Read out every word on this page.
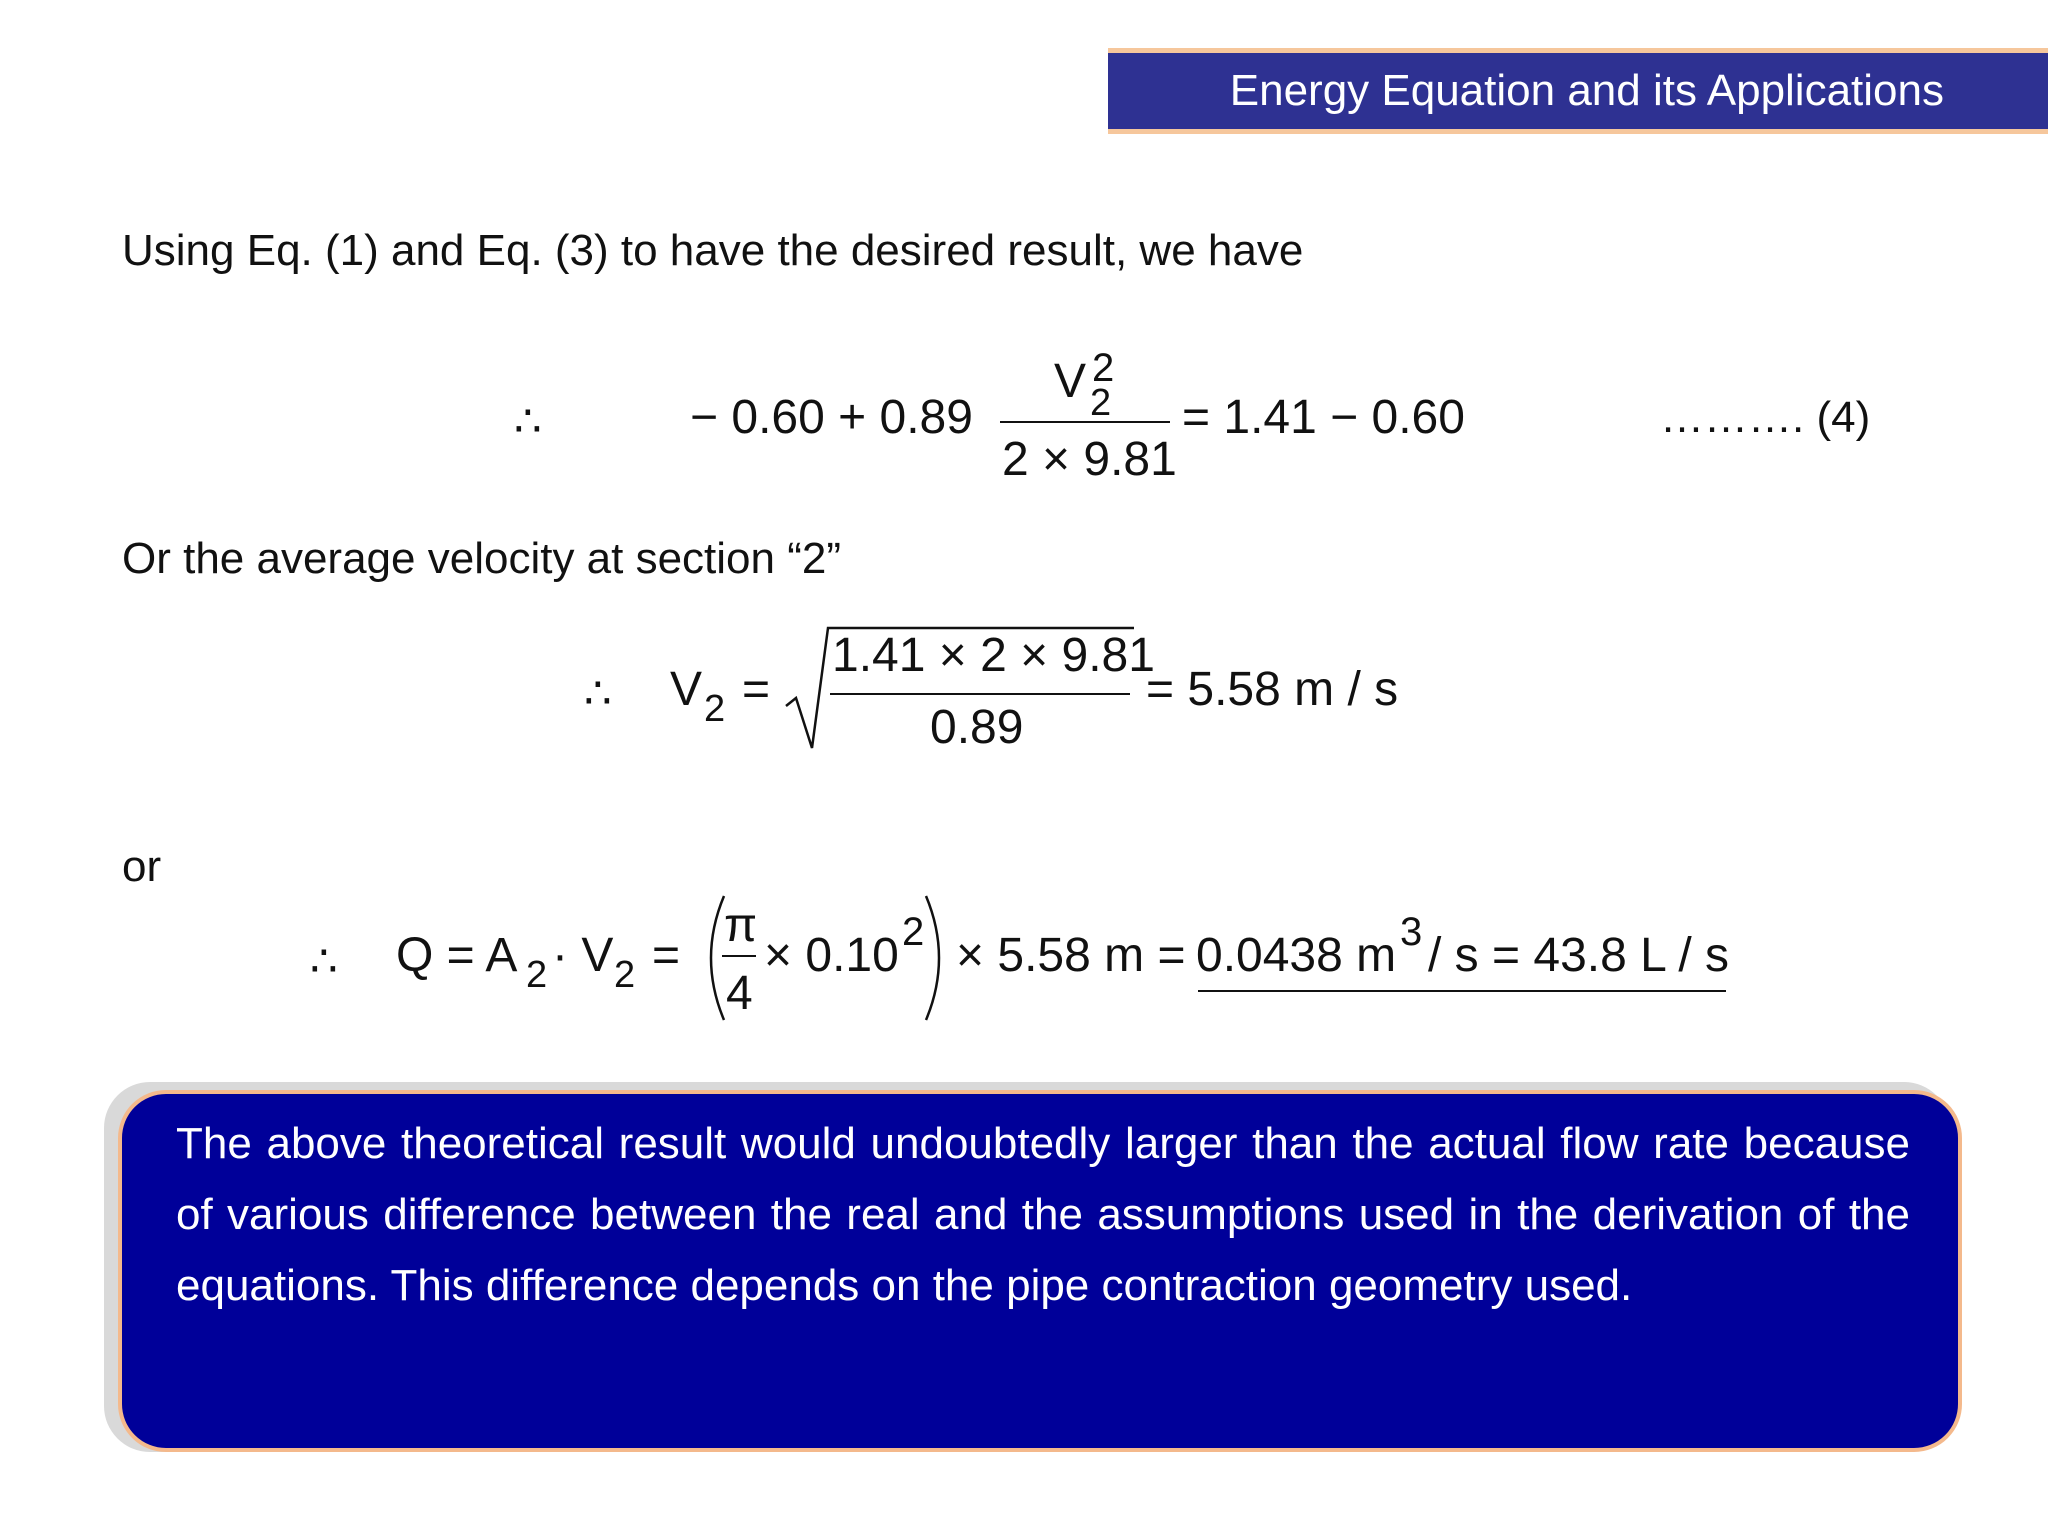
Energy Equation and its Applications
Using Eq. (1) and Eq. (3) to have the desired result, we have
∴	− 0.60 + 0.89
V 2
2
2 × 9.81
= 1.41 − 0.60	………. (4)
Or the average velocity at section “2”
∴ V 2 =
1.41 × 2 × 9.81
0.89
= 5.58 m / s
or
∴ Q = A 2 · V 2 =
π
4
× 0.10 2 × 5.58 m = 0.0438 m 3 / s = 43.8 L / s
The above theoretical result would undoubtedly larger than the actual flow rate because of various difference between the real and the assumptions used in the derivation of the equations. This difference depends on the pipe contraction geometry used.
